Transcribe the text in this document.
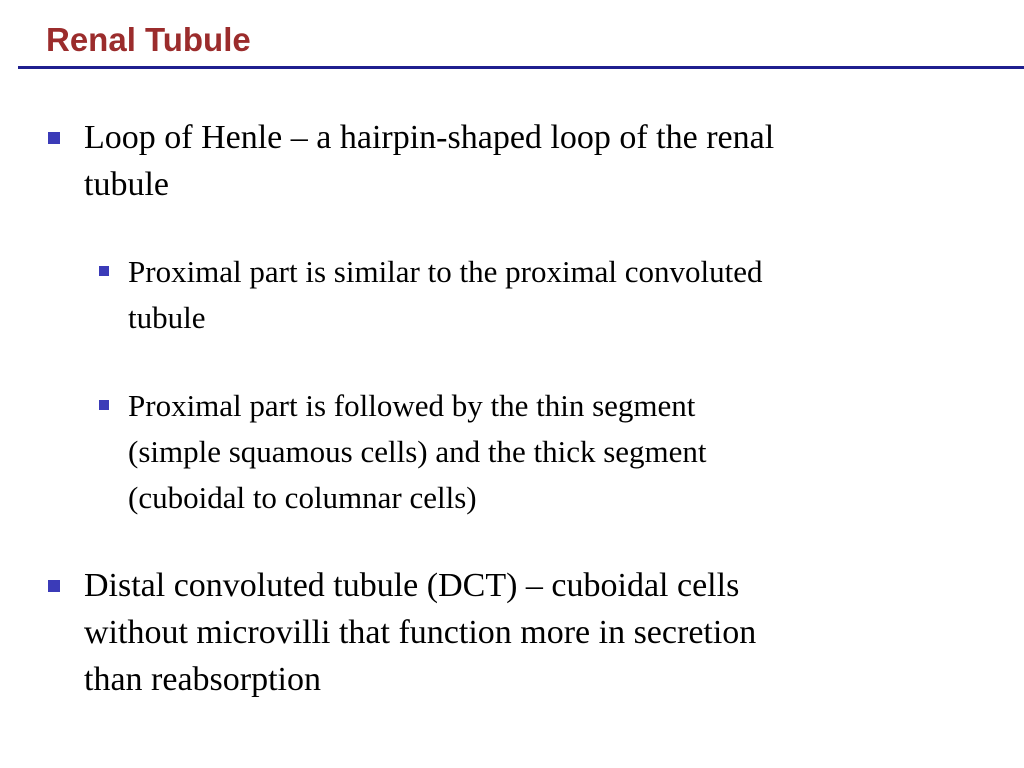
Renal Tubule
Loop of Henle – a hairpin-shaped loop of the renal
tubule
Proximal part is similar to the proximal convoluted
tubule
Proximal part is followed by the thin segment
(simple squamous cells) and the thick segment
(cuboidal to columnar cells)
Distal convoluted tubule (DCT) – cuboidal cells
without microvilli that function more in secretion
than reabsorption
